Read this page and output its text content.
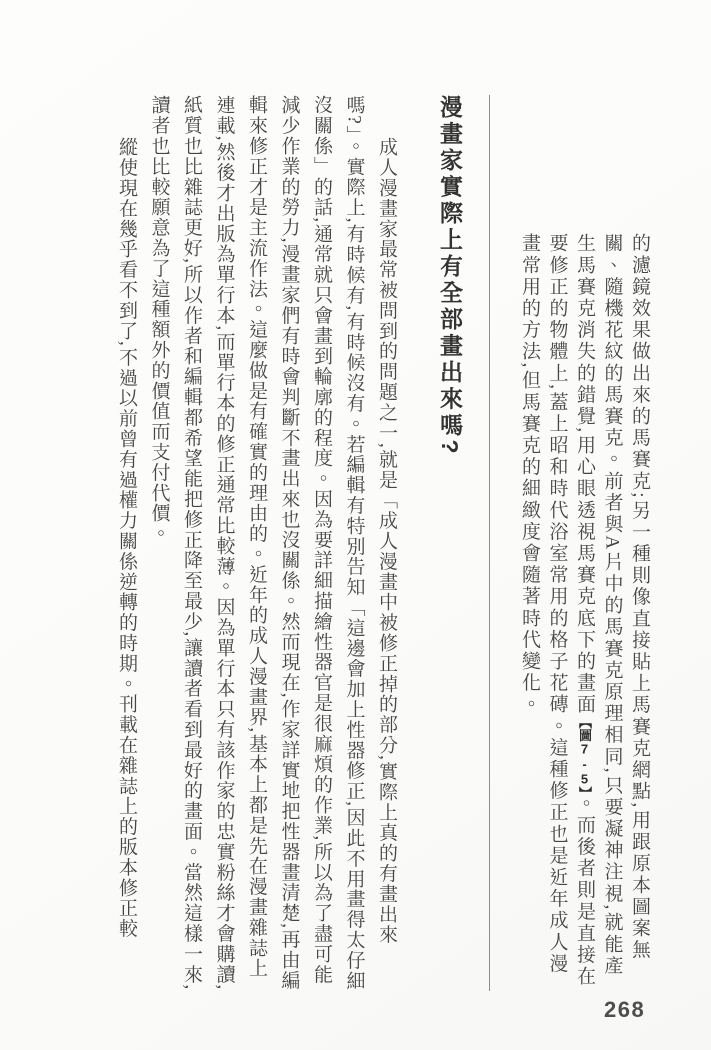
的濾鏡效果做出來的馬賽克;另一種則像直接貼上馬賽克網點,用跟原本圖案無關、隨機花紋的馬賽克。前者與A片中的馬賽克原理相同,只要凝神注視,就能產生馬賽克消失的錯覺,用心眼透視馬賽克底下的畫面【圖7-5】。而後者則是直接在要修正的物體上,蓋上昭和時代浴室常用的格子花磚。這種修正也是近年成人漫畫常用的方法,但馬賽克的細緻度會隨著時代變化。
漫畫家實際上有全部畫出來嗎?

成人漫畫家最常被問到的問題之一,就是「成人漫畫中被修正掉的部分,實際上真的有畫出來嗎?」。實際上,有時候有,有時候沒有。若編輯有特別告知「這邊會加上性器修正,因此不用畫得太仔細沒關係」的話,通常就只會畫到輪廓的程度。因為要詳細描繪性器官是很麻煩的作業,所以為了盡可能減少作業的勞力,漫畫家們有時會判斷不畫出來也沒關係。然而現在,作家詳實地把性器畫清楚,再由編輯來修正才是主流作法。這麼做是有確實的理由的。近年的成人漫畫界,基本上都是先在漫畫雜誌上連載,然後才出版為單行本,而單行本的修正通常比較薄。因為單行本只有該作家的忠實粉絲才會購讀,紙質也比雜誌更好,所以作者和編輯都希望能把修正降至最少,讓讀者看到最好的畫面。當然這樣一來,讀者也比較願意為了這種額外的價值而支付代價。

縱使現在幾乎看不到了,不過以前曾有過權力關係逆轉的時期。刊載在雜誌上的版本修正較

268
